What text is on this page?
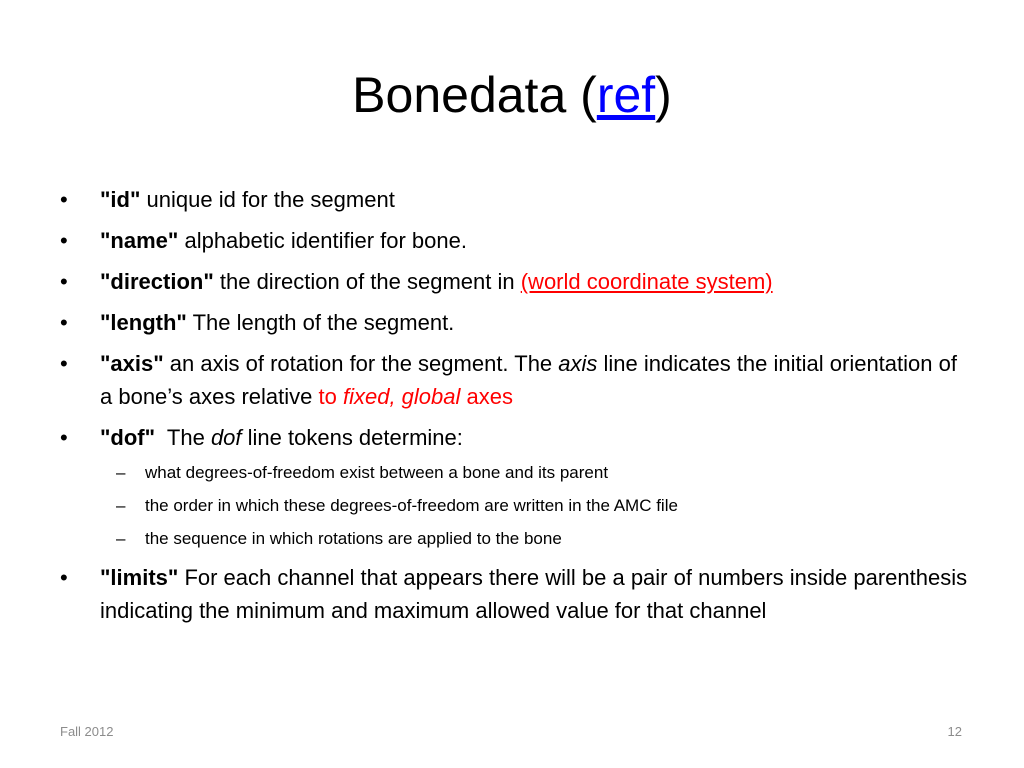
Bonedata (ref)
• "id" unique id for the segment
• "name" alphabetic identifier for bone.
• "direction" the direction of the segment in (world coordinate system)
• "length" The length of the segment.
• "axis" an axis of rotation for the segment. The axis line indicates the initial orientation of a bone’s axes relative to fixed, global axes
• "dof"  The dof line tokens determine:
– what degrees-of-freedom exist between a bone and its parent
– the order in which these degrees-of-freedom are written in the AMC file
– the sequence in which rotations are applied to the bone
• "limits" For each channel that appears there will be a pair of numbers inside parenthesis indicating the minimum and maximum allowed value for that channel
Fall 2012	12
